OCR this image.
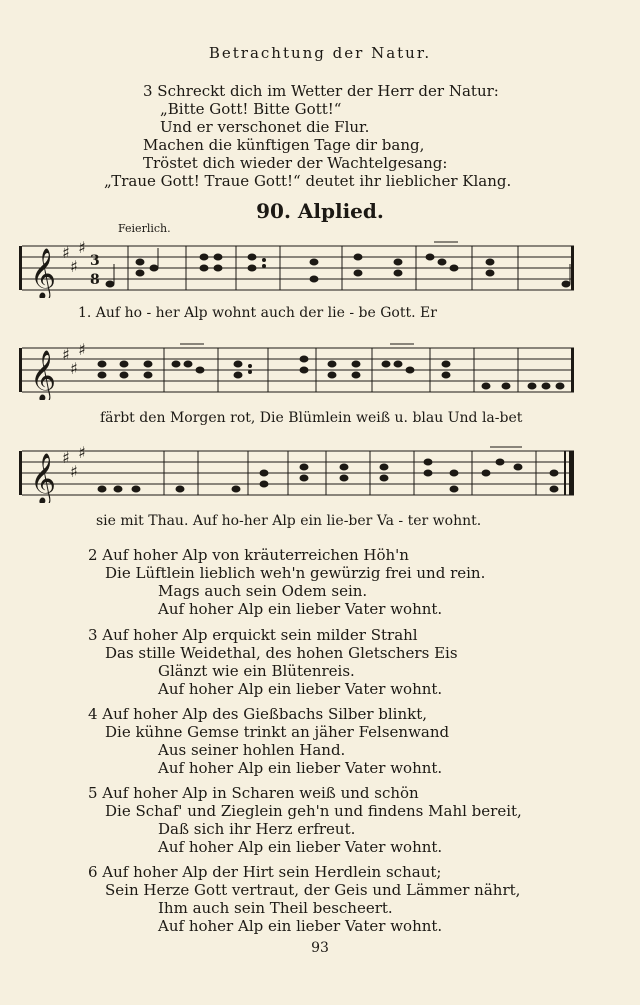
Betrachtung der Natur.
3 Schreckt dich im Wetter der Herr der Natur:
„Bitte Gott! Bitte Gott!“
Und er verschonet die Flur.
Machen die künftigen Tage dir bang,
Tröstet dich wieder der Wachtelgesang:
„Traue Gott! Traue Gott!“ deutet ihr lieblicher Klang.
90. Alplied.
Feierlich.
𝄞 ♯
♯
♯
3
8
1. Auf ho - her Alp wohnt auch der lie - be Gott. Er
𝄞 ♯
♯
♯
färbt den Morgen rot, Die Blümlein weiß u. blau Und la-bet
𝄞 ♯
♯
♯
sie mit Thau. Auf ho-her Alp ein lie-ber Va - ter wohnt.
2 Auf hoher Alp von kräuterreichen Höh'n
Die Lüftlein lieblich weh'n gewürzig frei und rein.
Mags auch sein Odem sein.
Auf hoher Alp ein lieber Vater wohnt.
3 Auf hoher Alp erquickt sein milder Strahl
Das stille Weidethal, des hohen Gletschers Eis
Glänzt wie ein Blütenreis.
Auf hoher Alp ein lieber Vater wohnt.
4 Auf hoher Alp des Gießbachs Silber blinkt,
Die kühne Gemse trinkt an jäher Felsenwand
Aus seiner hohlen Hand.
Auf hoher Alp ein lieber Vater wohnt.
5 Auf hoher Alp in Scharen weiß und schön
Die Schaf' und Zieglein geh'n und findens Mahl bereit,
Daß sich ihr Herz erfreut.
Auf hoher Alp ein lieber Vater wohnt.
6 Auf hoher Alp der Hirt sein Herdlein schaut;
Sein Herze Gott vertraut, der Geis und Lämmer nährt,
Ihm auch sein Theil bescheert.
Auf hoher Alp ein lieber Vater wohnt.
93
